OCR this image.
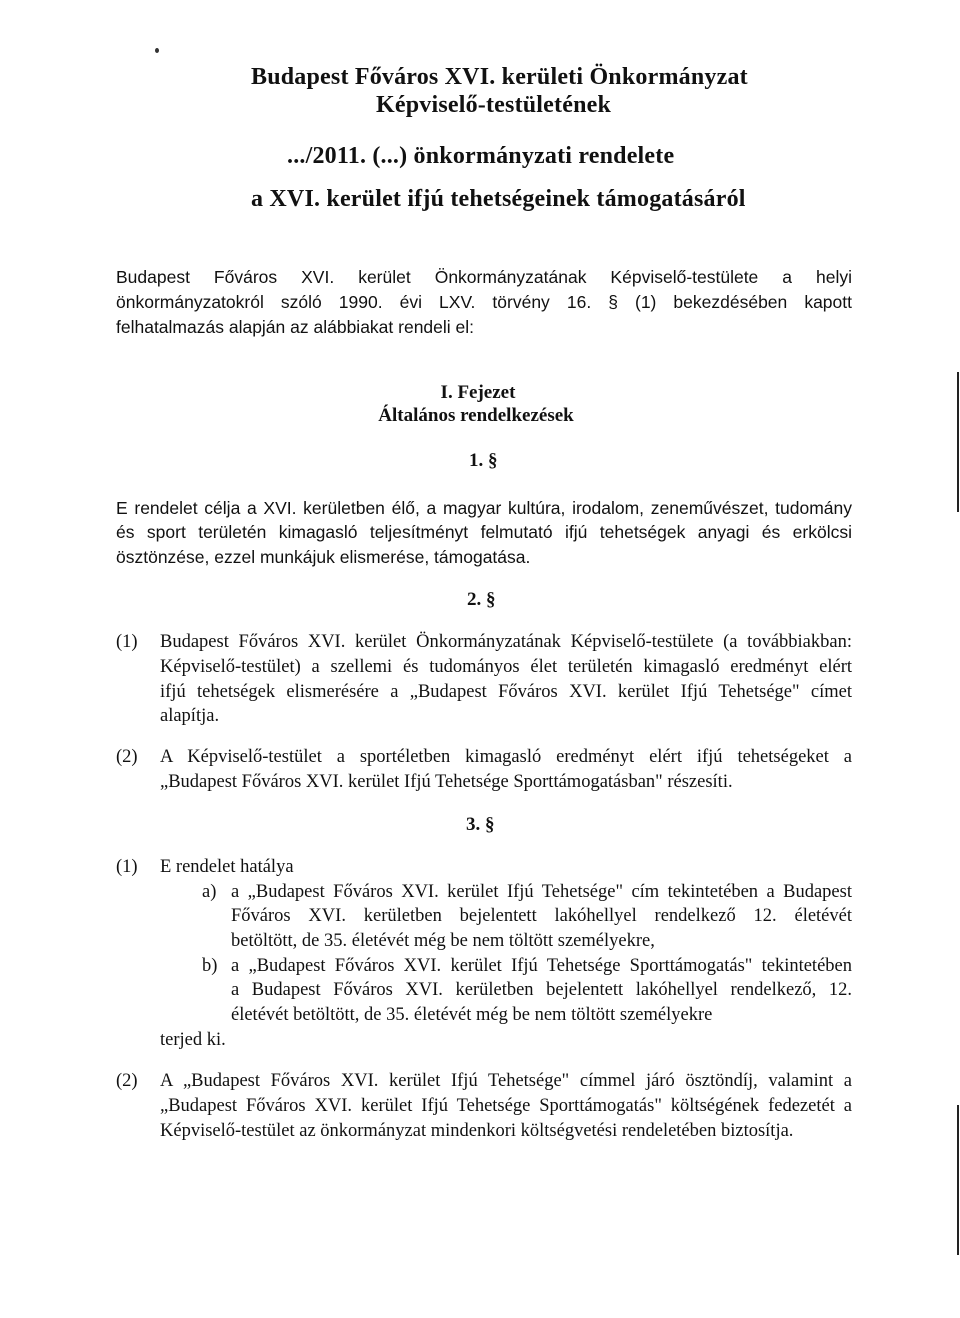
Budapest Főváros XVI. kerületi Önkormányzat
Képviselő-testületének
.../2011. (...) önkormányzati rendelete
a XVI. kerület ifjú tehetségeinek támogatásáról
Budapest Főváros XVI. kerület Önkormányzatának Képviselő-testülete a helyi
önkormányzatokról szóló 1990. évi LXV. törvény 16. § (1) bekezdésében kapott
felhatalmazás alapján az alábbiakat rendeli el:
I. Fejezet
Általános rendelkezések
1. §
E rendelet célja a XVI. kerületben élő, a magyar kultúra, irodalom, zeneművészet, tudomány
és sport területén kimagasló teljesítményt felmutató ifjú tehetségek anyagi és erkölcsi
ösztönzése, ezzel munkájuk elismerése, támogatása.
2. §
(1) Budapest Főváros XVI. kerület Önkormányzatának Képviselő-testülete (a továbbiakban:
Képviselő-testület) a szellemi és tudományos élet területén kimagasló eredményt elért
ifjú tehetségek elismerésére a „Budapest Főváros XVI. kerület Ifjú Tehetsége" címet
alapítja.
(2) A Képviselő-testület a sportéletben kimagasló eredményt elért ifjú tehetségeket a
„Budapest Főváros XVI. kerület Ifjú Tehetsége Sporttámogatásban" részesíti.
3. §
(1) E rendelet hatálya
a) a „Budapest Főváros XVI. kerület Ifjú Tehetsége" cím tekintetében a Budapest
Főváros XVI. kerületben bejelentett lakóhellyel rendelkező 12. életévét
betöltött, de 35. életévét még be nem töltött személyekre,
b) a „Budapest Főváros XVI. kerület Ifjú Tehetsége Sporttámogatás" tekintetében
a Budapest Főváros XVI. kerületben bejelentett lakóhellyel rendelkező, 12.
életévét betöltött, de 35. életévét még be nem töltött személyekre
terjed ki.
(2) A „Budapest Főváros XVI. kerület Ifjú Tehetsége" címmel járó ösztöndíj, valamint a
„Budapest Főváros XVI. kerület Ifjú Tehetsége Sporttámogatás" költségének fedezetét a
Képviselő-testület az önkormányzat mindenkori költségvetési rendeletében biztosítja.
